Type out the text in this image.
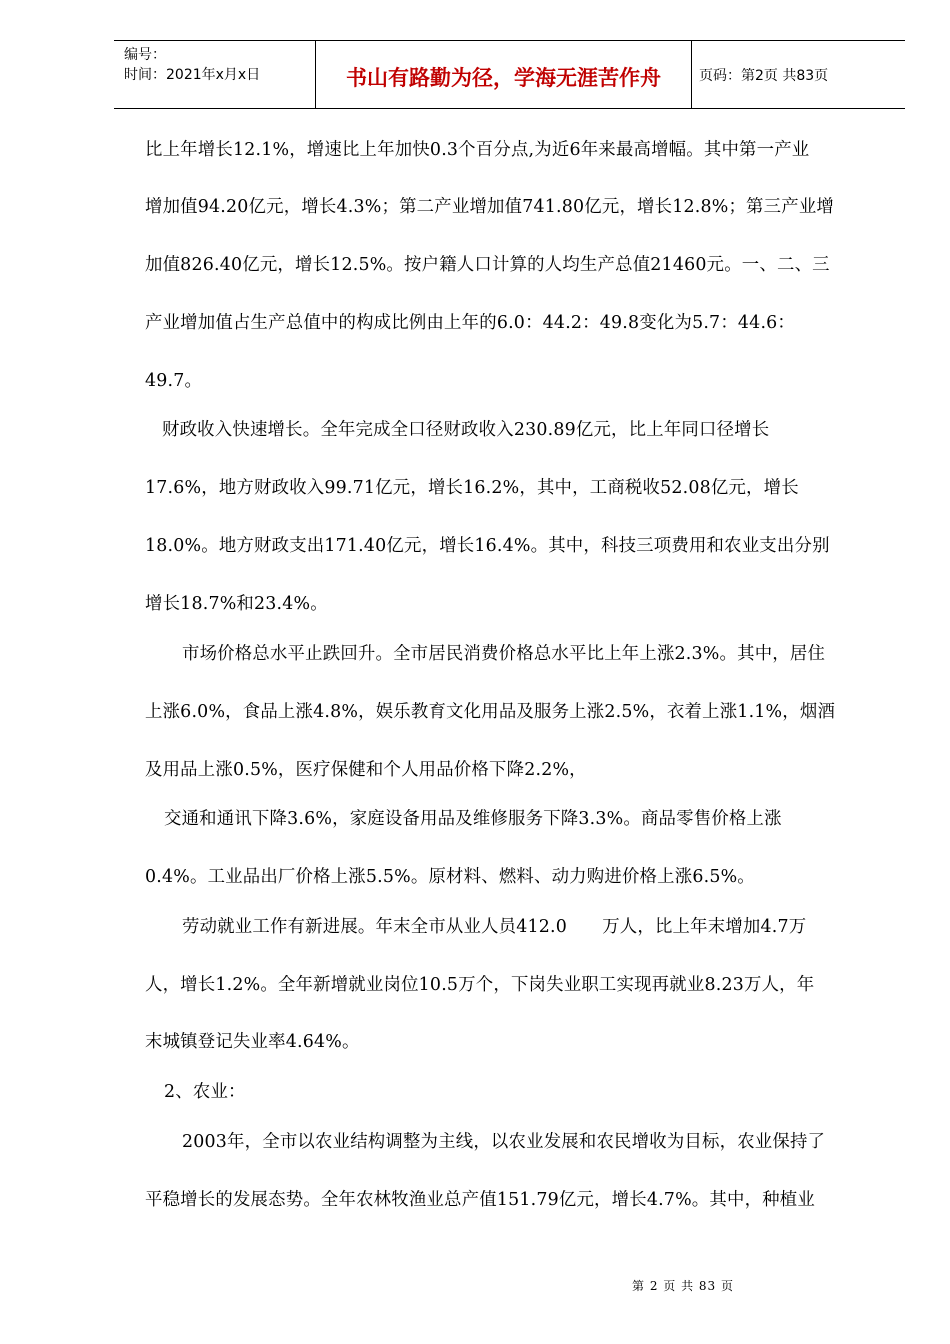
编号：
时间：2021年x月x日	书山有路勤为径，学海无涯苦作舟	页码：第2页 共83页
比上年增长12.1%，增速比上年加快0.3个百分点,为近6年来最高增幅。其中第一产业
增加值94.20亿元，增长4.3%；第二产业增加值741.80亿元，增长12.8%；第三产业增
加值826.40亿元，增长12.5%。按户籍人口计算的人均生产总值21460元。一、二、三
产业增加值占生产总值中的构成比例由上年的6.0：44.2：49.8变化为5.7：44.6：
49.7。
财政收入快速增长。全年完成全口径财政收入230.89亿元，比上年同口径增长
17.6%，地方财政收入99.71亿元，增长16.2%，其中，工商税收52.08亿元，增长
18.0%。地方财政支出171.40亿元，增长16.4%。其中，科技三项费用和农业支出分别
增长18.7%和23.4%。
市场价格总水平止跌回升。全市居民消费价格总水平比上年上涨2.3%。其中，居住
上涨6.0%，食品上涨4.8%，娱乐教育文化用品及服务上涨2.5%，衣着上涨1.1%，烟酒
及用品上涨0.5%，医疗保健和个人用品价格下降2.2%，
交通和通讯下降3.6%，家庭设备用品及维修服务下降3.3%。商品零售价格上涨
0.4%。工业品出厂价格上涨5.5%。原材料、燃料、动力购进价格上涨6.5%。
劳动就业工作有新进展。年末全市从业人员412.0　　万人，比上年末增加4.7万
人，增长1.2%。全年新增就业岗位10.5万个，下岗失业职工实现再就业8.23万人，年
末城镇登记失业率4.64%。
2、农业：
2003年，全市以农业结构调整为主线，以农业发展和农民增收为目标，农业保持了
平稳增长的发展态势。全年农林牧渔业总产值151.79亿元，增长4.7%。其中，种植业
第 2 页 共 83 页
